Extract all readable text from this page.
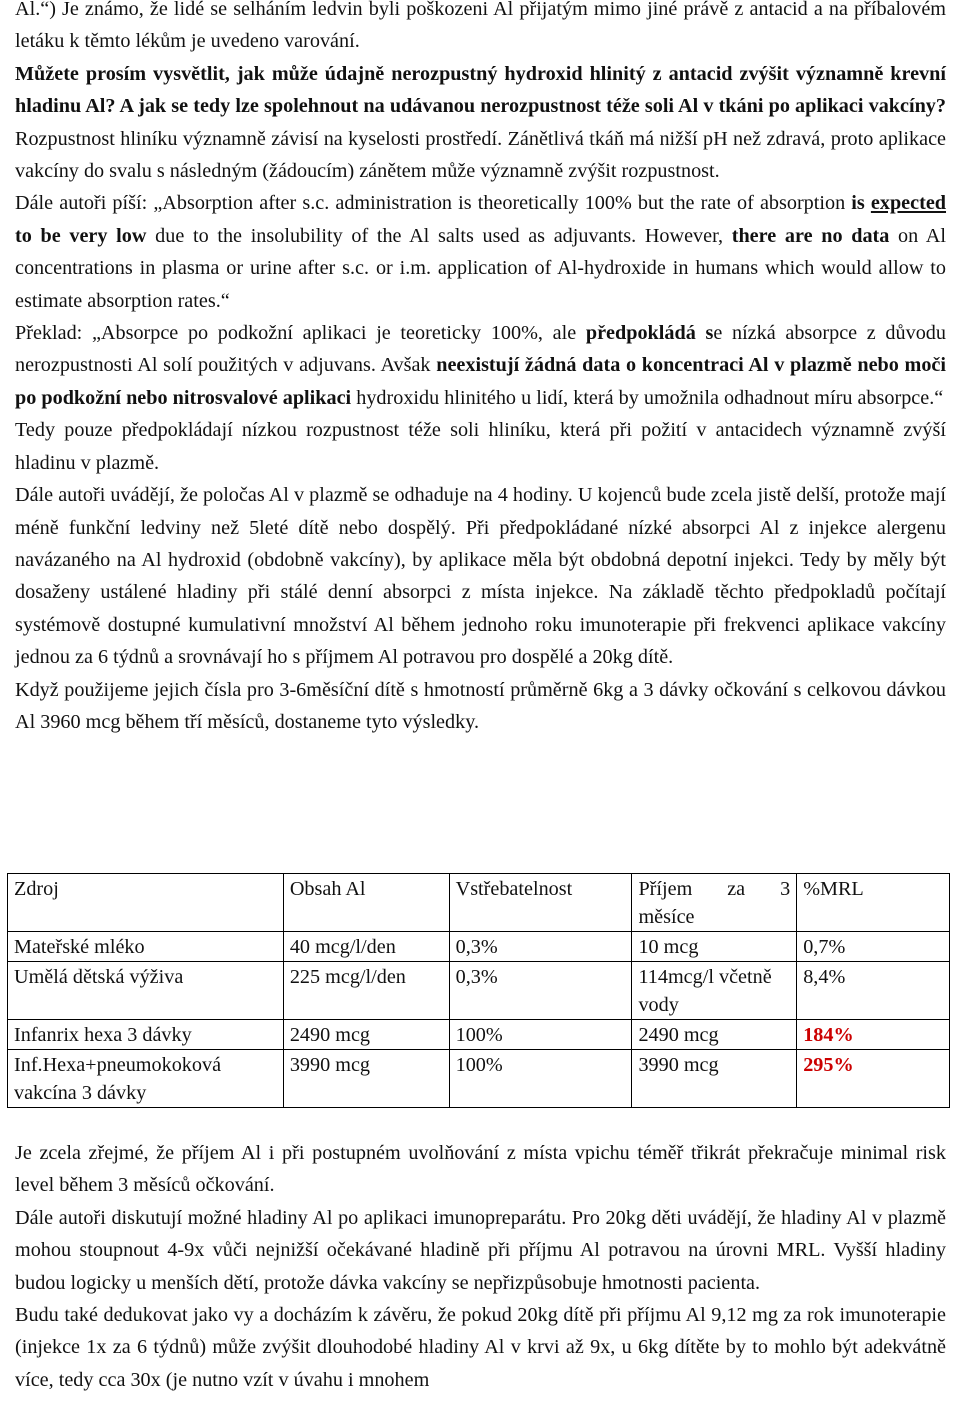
Al.“) Je známo, že lidé se selháním ledvin byli poškozeni Al přijatým mimo jiné právě z antacid a na příbalovém letáku k těmto lékům je uvedeno varování.

Můžete prosím vysvětlit, jak může údajně nerozpustný hydroxid hlinitý z antacid zvýšit významně krevní hladinu Al? A jak se tedy lze spolehnout na udávanou nerozpustnost téže soli Al v tkáni po aplikaci vakcíny? Rozpustnost hliníku významně závisí na kyselosti prostředí. Zánětlivá tkáň má nižší pH než zdravá, proto aplikace vakcíny do svalu s následným (žádoucím) zánětem může významně zvýšit rozpustnost.

Dále autoři píší: „Absorption after s.c. administration is theoretically 100% but the rate of absorption is expected to be very low due to the insolubility of the Al salts used as adjuvants. However, there are no data on Al concentrations in plasma or urine after s.c. or i.m. application of Al-hydroxide in humans which would allow to estimate absorption rates.“

Překlad: „Absorpce po podkožní aplikaci je teoreticky 100%, ale předpokládá se nízká absorpce z důvodu nerozpustnosti Al solí použitých v adjuvans. Avšak neexistují žádná data o koncentraci Al v plazmě nebo moči po podkožní nebo nitrosvalové aplikaci hydroxidu hlinitého u lidí, která by umožnila odhadnout míru absorpce.“

Tedy pouze předpokládají nízkou rozpustnost téže soli hliníku, která při požití v antacidech významně zvýší hladinu v plazmě.

Dále autoři uvádějí, že poločas Al v plazmě se odhaduje na 4 hodiny. U kojenců bude zcela jistě delší, protože mají méně funkční ledviny než 5leté dítě nebo dospělý. Při předpokládané nízké absorpci Al z injekce alergenu navázaného na Al hydroxid (obdobně vakcíny), by aplikace měla být obdobná depotní injekci. Tedy by měly být dosaženy ustálené hladiny při stálé denní absorpci z místa injekce. Na základě těchto předpokladů počítají systémově dostupné kumulativní množství Al během jednoho roku imunoterapie při frekvenci aplikace vakcíny jednou za 6 týdnů a srovnávají ho s příjmem Al potravou pro dospělé a 20kg dítě.

Když použijeme jejich čísla pro 3-6měsíční dítě s hmotností průměrně 6kg a 3 dávky očkování s celkovou dávkou Al 3960 mcg během tří měsíců, dostaneme tyto výsledky.

Zdroj	Obsah Al	Vstřebatelnost	Příjem za 3 měsíce	%MRL
Mateřské mléko	40 mcg/l/den	0,3%	10 mcg	0,7%
Umělá dětská výživa	225 mcg/l/den	0,3%	114mcg/l včetně vody	8,4%
Infanrix hexa 3 dávky	2490 mcg	100%	2490 mcg	184%
Inf.Hexa+pneumokoková vakcína 3 dávky	3990 mcg	100%	3990 mcg	295%

Je zcela zřejmé, že příjem Al i při postupném uvolňování z místa vpichu téměř třikrát překračuje minimal risk level během 3 měsíců očkování.

Dále autoři diskutují možné hladiny Al po aplikaci imunopreparátu. Pro 20kg děti uvádějí, že hladiny Al v plazmě mohou stoupnout 4-9x vůči nejnižší očekávané hladině při příjmu Al potravou na úrovni MRL. Vyšší hladiny budou logicky u menších dětí, protože dávka vakcíny se nepřizpůsobuje hmotnosti pacienta.

Budu také dedukovat jako vy a docházím k závěru, že pokud 20kg dítě při příjmu Al 9,12 mg za rok imunoterapie (injekce 1x za 6 týdnů) může zvýšit dlouhodobé hladiny Al v krvi až 9x, u 6kg dítěte by to mohlo být adekvátně více, tedy cca 30x (je nutno vzít v úvahu i mnohem
